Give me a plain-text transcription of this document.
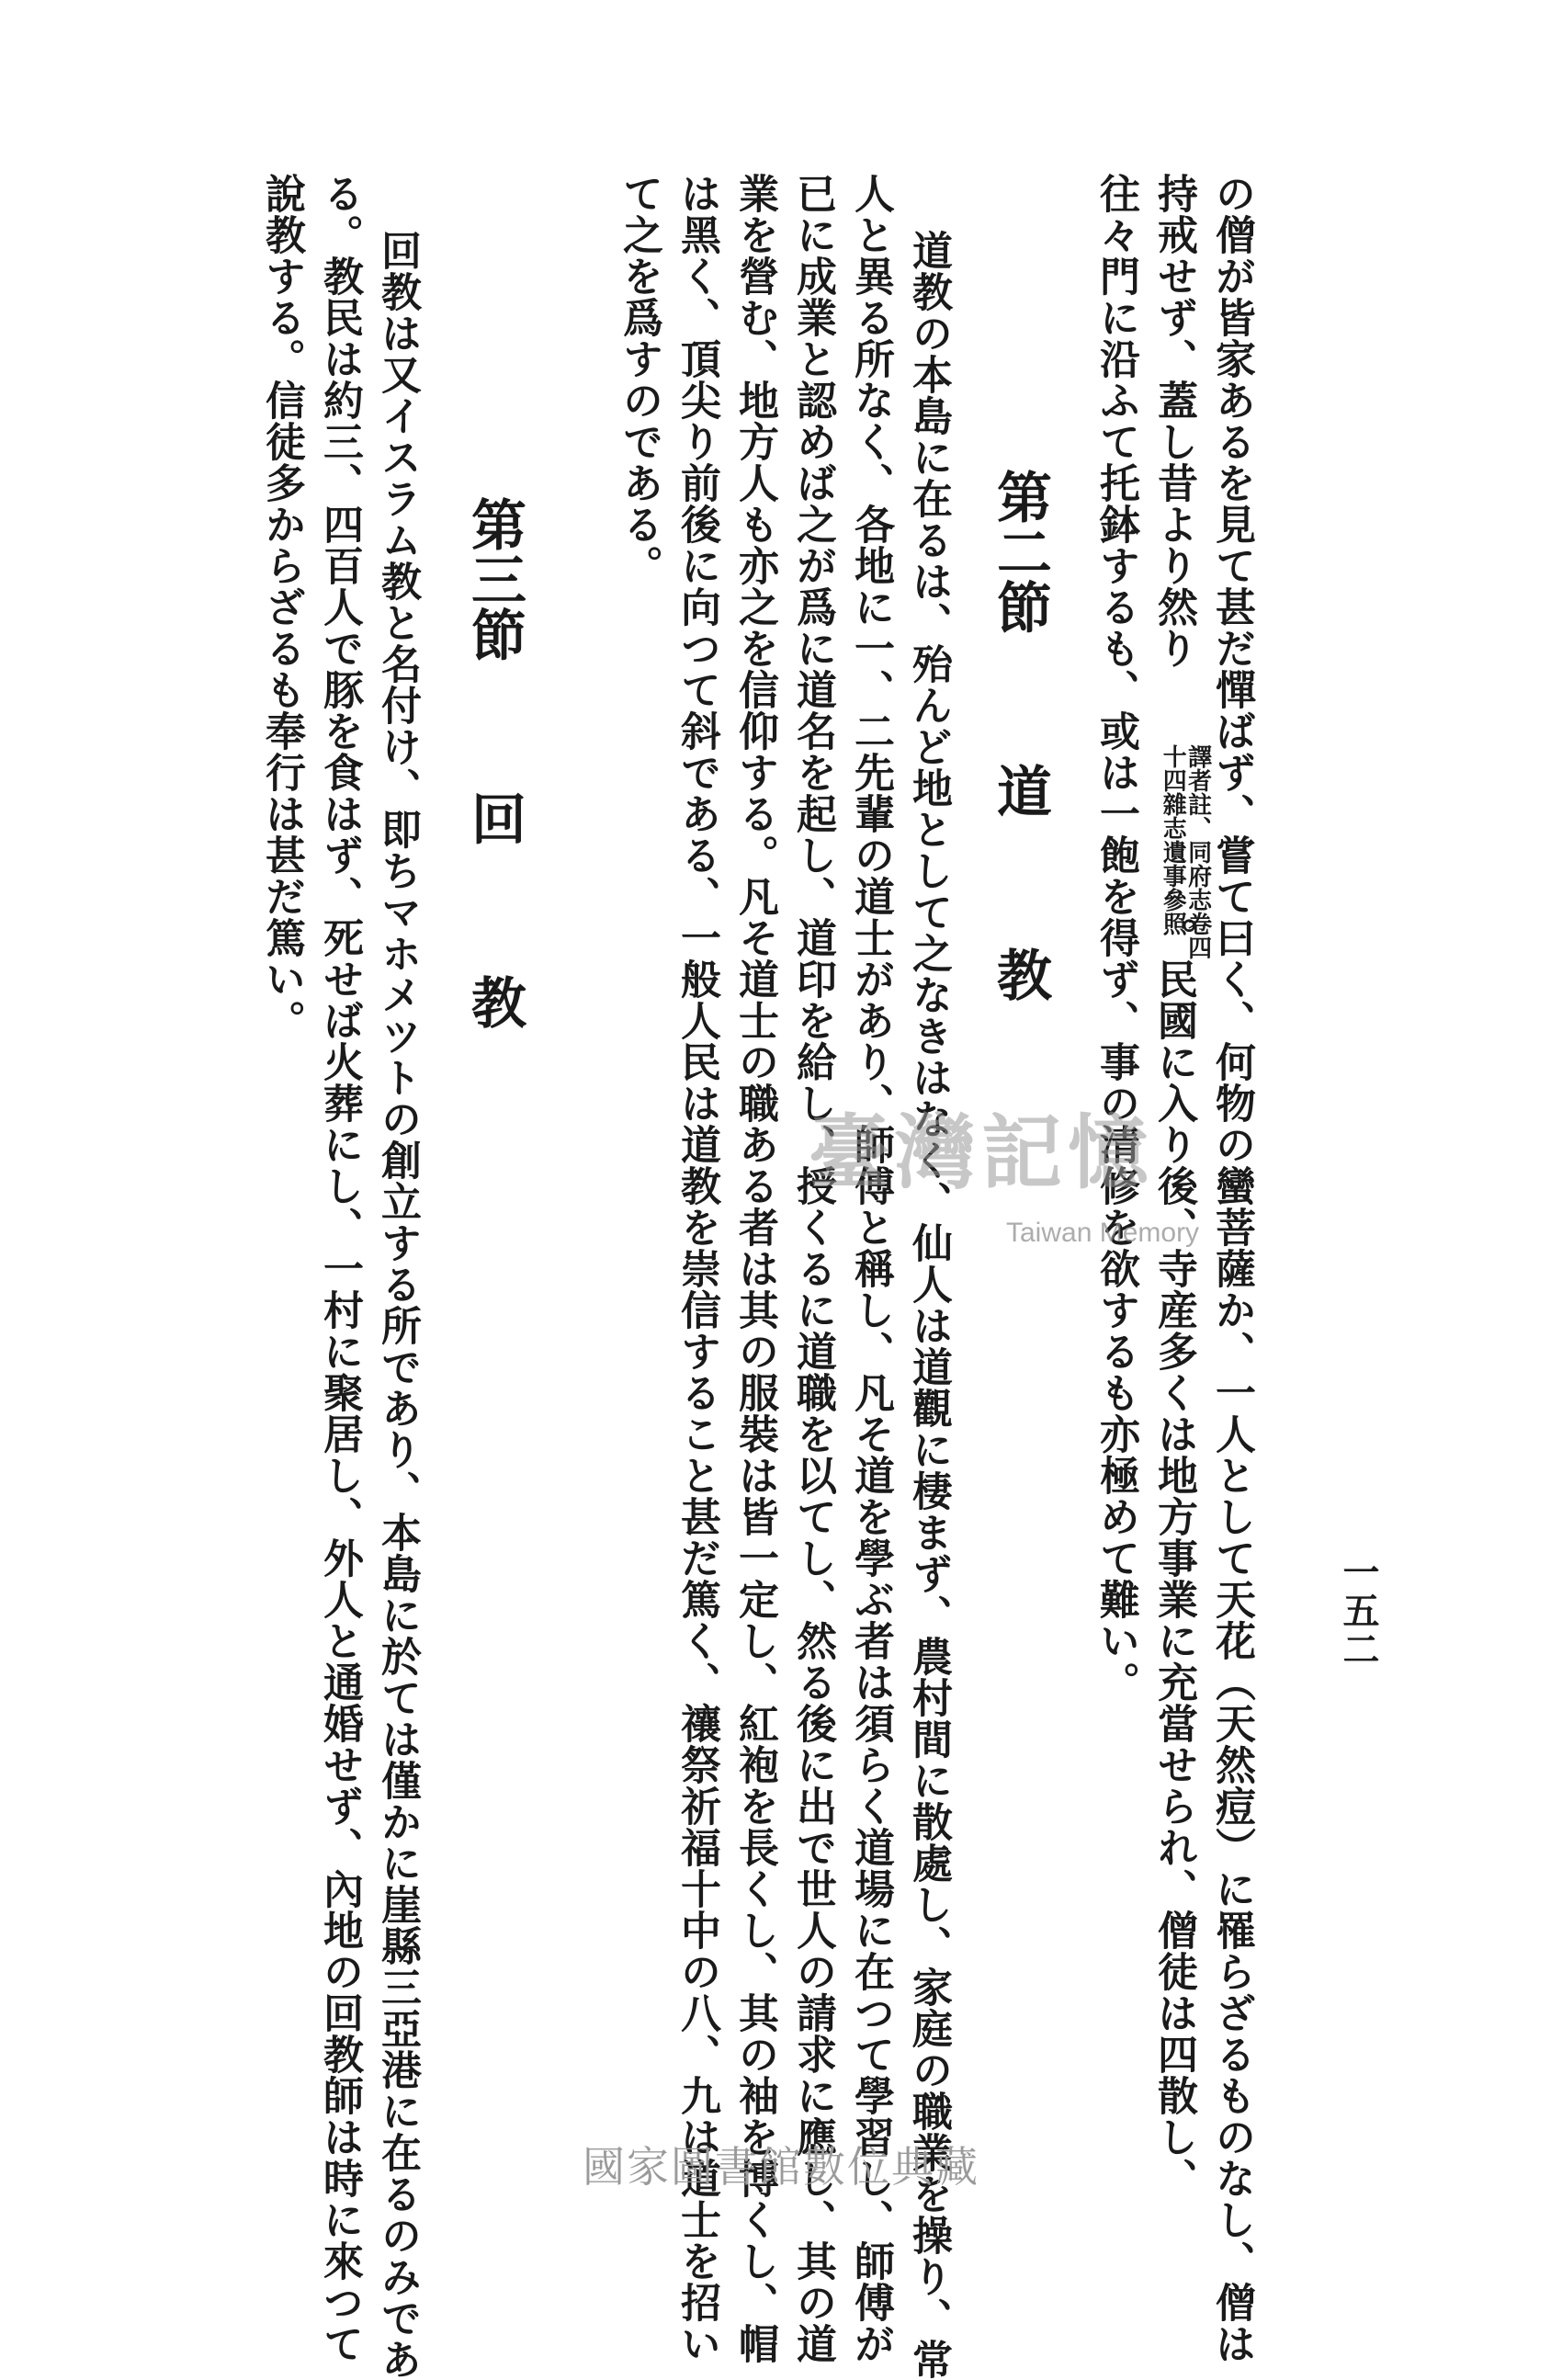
一五二
の僧が皆家あるを見て甚だ憚ばず、嘗て曰く、何物の蠻菩薩か、一人として天花（天然痘）に罹らざるものなし、僧は
持戒せず、蓋し昔より然り。民國に入り後、寺産多くは地方事業に充當せられ、僧徒は四散し、
譯者註、同府志卷四
十四雜志遺事參照
往々門に沿ふて托鉢するも、或は一飽を得ず、事の清修を欲するも亦極めて難い。
第二節道教
道教の本島に在るは、殆んど地として之なきはなく、仙人は道觀に棲まず、農村間に散處し、家庭の職業を操り、常
人と異る所なく、各地に一、二先輩の道士があり、師傅と稱し、凡そ道を學ぶ者は須らく道場に在つて學習し、師傅が
已に成業と認めば之が爲に道名を起し、道印を給し、授くるに道職を以てし、然る後に出で世人の請求に應し、其の道
業を營む、地方人も亦之を信仰する。凡そ道士の職ある者は其の服裝は皆一定し、紅袍を長くし、其の袖を博くし、帽
は黑く、頂尖り前後に向つて斜である、一般人民は道教を崇信すること甚だ篤く、禳祭祈福十中の八、九は道士を招い
て之を爲すのである。
第三節回教
回教は又イスラム教と名付け、即ちマホメツトの創立する所であり、本島に於ては僅かに崖縣三亞港に在るのみであ
る。教民は約三、四百人で豚を食はず、死せば火葬にし、一村に聚居し、外人と通婚せず、內地の回教師は時に來つて
說教する。信徒多からざるも奉行は甚だ篤い。
臺灣記憶
Taiwan Memory
國家圖書館數位典藏
